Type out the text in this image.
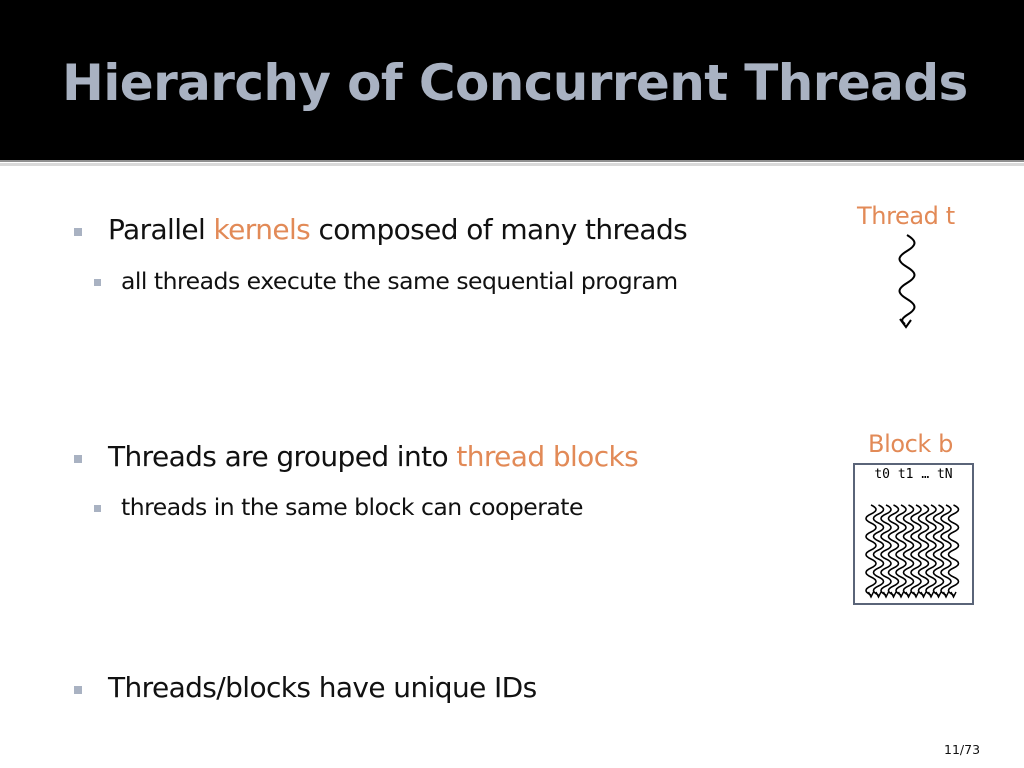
Hierarchy of Concurrent Threads
Parallel kernels composed of many threads
all threads execute the same sequential program
Threads are grouped into thread blocks
threads in the same block can cooperate
Threads/blocks have unique IDs
Thread t
Block b
t0 t1 … tN
11/73
